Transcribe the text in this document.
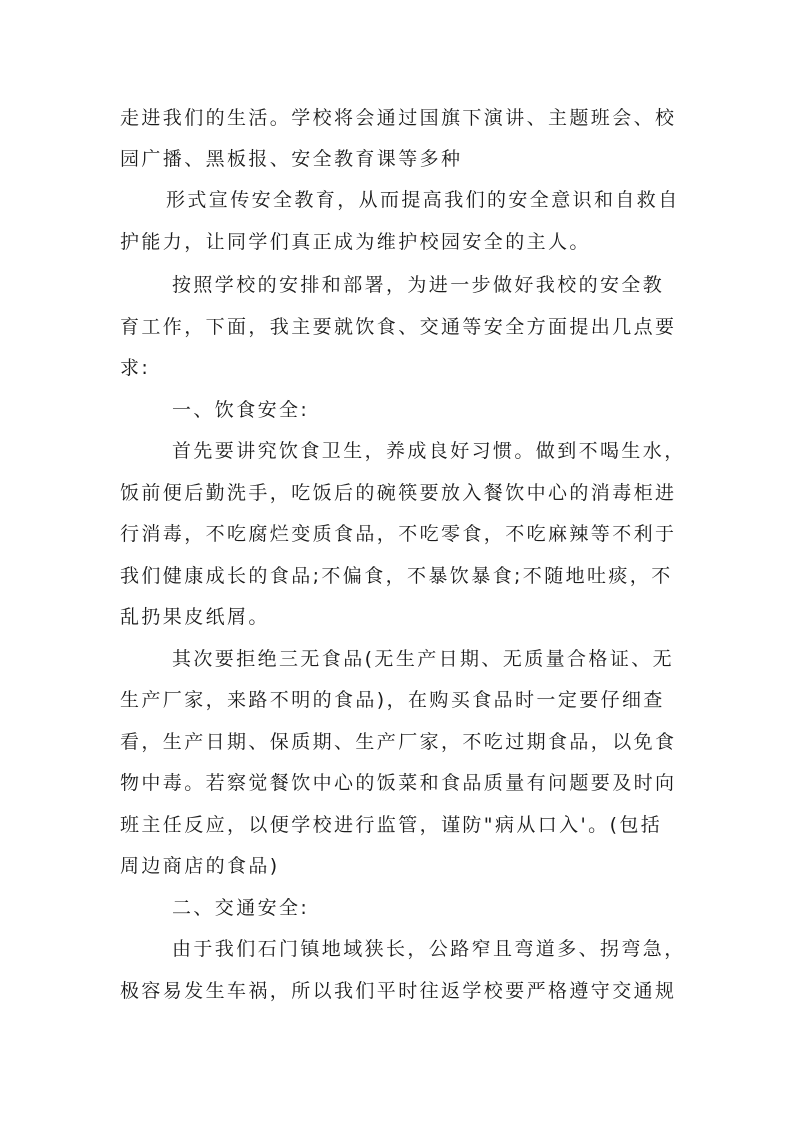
走进我们的生活。学校将会通过国旗下演讲、主题班会、校

园广播、黑板报、安全教育课等多种

形式宣传安全教育，从而提高我们的安全意识和自救自

护能力，让同学们真正成为维护校园安全的主人。

按照学校的安排和部署，为进一步做好我校的安全教

育工作，下面，我主要就饮食、交通等安全方面提出几点要

求:

一、饮食安全:

首先要讲究饮食卫生，养成良好习惯。做到不喝生水，

饭前便后勤洗手，吃饭后的碗筷要放入餐饮中心的消毒柜进

行消毒，不吃腐烂变质食品，不吃零食，不吃麻辣等不利于

我们健康成长的食品;不偏食，不暴饮暴食;不随地吐痰，不

乱扔果皮纸屑。

其次要拒绝三无食品(无生产日期、无质量合格证、无

生产厂家，来路不明的食品)，在购买食品时一定要仔细查

看，生产日期、保质期、生产厂家，不吃过期食品，以免食

物中毒。若察觉餐饮中心的饭菜和食品质量有问题要及时向

班主任反应，以便学校进行监管，谨防"病从口入'。(包括

周边商店的食品)

二、交通安全:

由于我们石门镇地域狭长，公路窄且弯道多、拐弯急，

极容易发生车祸，所以我们平时往返学校要严格遵守交通规
